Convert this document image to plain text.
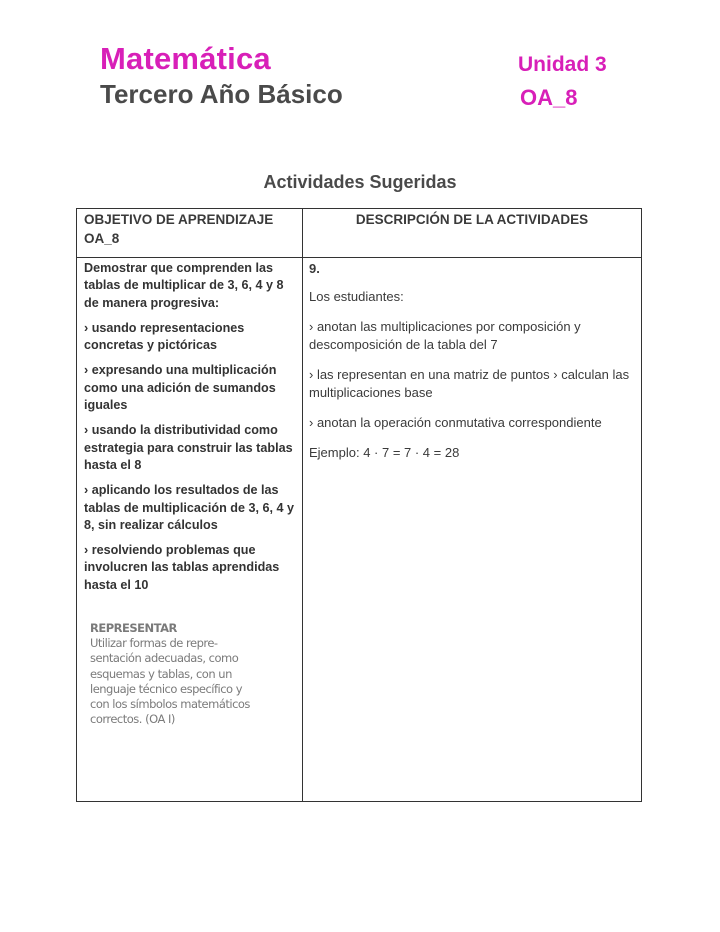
Matemática
Tercero Año Básico
Unidad 3
OA_8
Actividades Sugeridas
OBJETIVO DE APRENDIZAJE
OA_8
DESCRIPCIÓN DE LA ACTIVIDADES

Demostrar que comprenden las tablas de multiplicar de 3, 6, 4 y 8 de manera progresiva:

› usando representaciones concretas y pictóricas

› expresando una multiplicación como una adición de sumandos iguales

› usando la distributividad como estrategia para construir las tablas hasta el 8

› aplicando los resultados de las tablas de multiplicación de 3, 6, 4 y 8, sin realizar cálculos

› resolviendo problemas que involucren las tablas aprendidas hasta el 10

REPRESENTAR
Utilizar formas de repre-
sentación adecuadas, como
esquemas y tablas, con un
lenguaje técnico específico y
con los símbolos matemáticos
correctos. (OA I)

9.

Los estudiantes:

› anotan las multiplicaciones por composición y descomposición de la tabla del 7

› las representan en una matriz de puntos › calculan las multiplicaciones base

› anotan la operación conmutativa correspondiente

Ejemplo: 4 · 7 = 7 · 4 = 28
